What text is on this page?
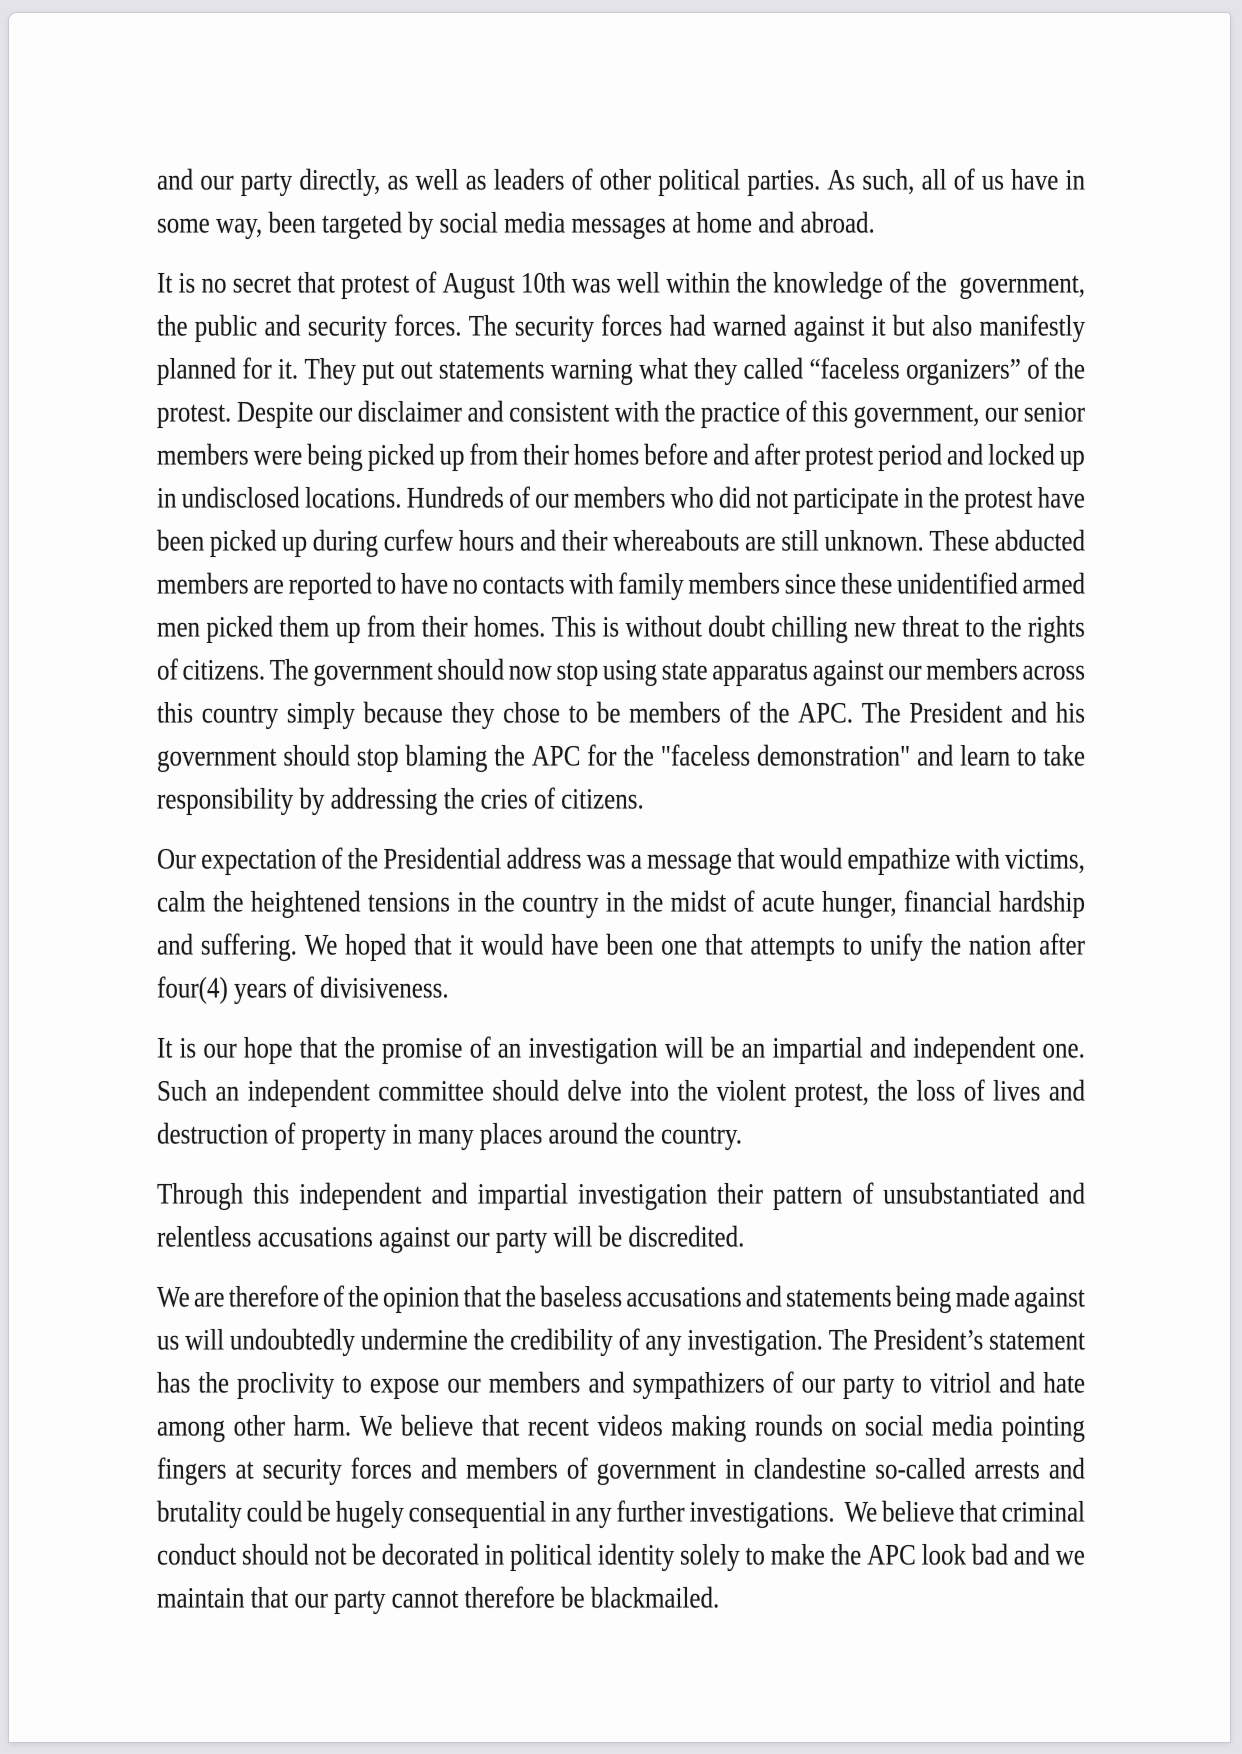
and our party directly, as well as leaders of other political parties. As such, all of us have in
some way, been targeted by social media messages at home and abroad.
It is no secret that protest of August 10th was well within the knowledge of the government,
the public and security forces. The security forces had warned against it but also manifestly
planned for it. They put out statements warning what they called “faceless organizers” of the
protest. Despite our disclaimer and consistent with the practice of this government, our senior
members were being picked up from their homes before and after protest period and locked up
in undisclosed locations. Hundreds of our members who did not participate in the protest have
been picked up during curfew hours and their whereabouts are still unknown. These abducted
members are reported to have no contacts with family members since these unidentified armed
men picked them up from their homes. This is without doubt chilling new threat to the rights
of citizens. The government should now stop using state apparatus against our members across
this country simply because they chose to be members of the APC. The President and his
government should stop blaming the APC for the "faceless demonstration" and learn to take
responsibility by addressing the cries of citizens.
Our expectation of the Presidential address was a message that would empathize with victims,
calm the heightened tensions in the country in the midst of acute hunger, financial hardship
and suffering. We hoped that it would have been one that attempts to unify the nation after
four(4) years of divisiveness.
It is our hope that the promise of an investigation will be an impartial and independent one.
Such an independent committee should delve into the violent protest, the loss of lives and
destruction of property in many places around the country.
Through this independent and impartial investigation their pattern of unsubstantiated and
relentless accusations against our party will be discredited.
We are therefore of the opinion that the baseless accusations and statements being made against
us will undoubtedly undermine the credibility of any investigation. The President’s statement
has the proclivity to expose our members and sympathizers of our party to vitriol and hate
among other harm. We believe that recent videos making rounds on social media pointing
fingers at security forces and members of government in clandestine so-called arrests and
brutality could be hugely consequential in any further investigations. We believe that criminal
conduct should not be decorated in political identity solely to make the APC look bad and we
maintain that our party cannot therefore be blackmailed.
